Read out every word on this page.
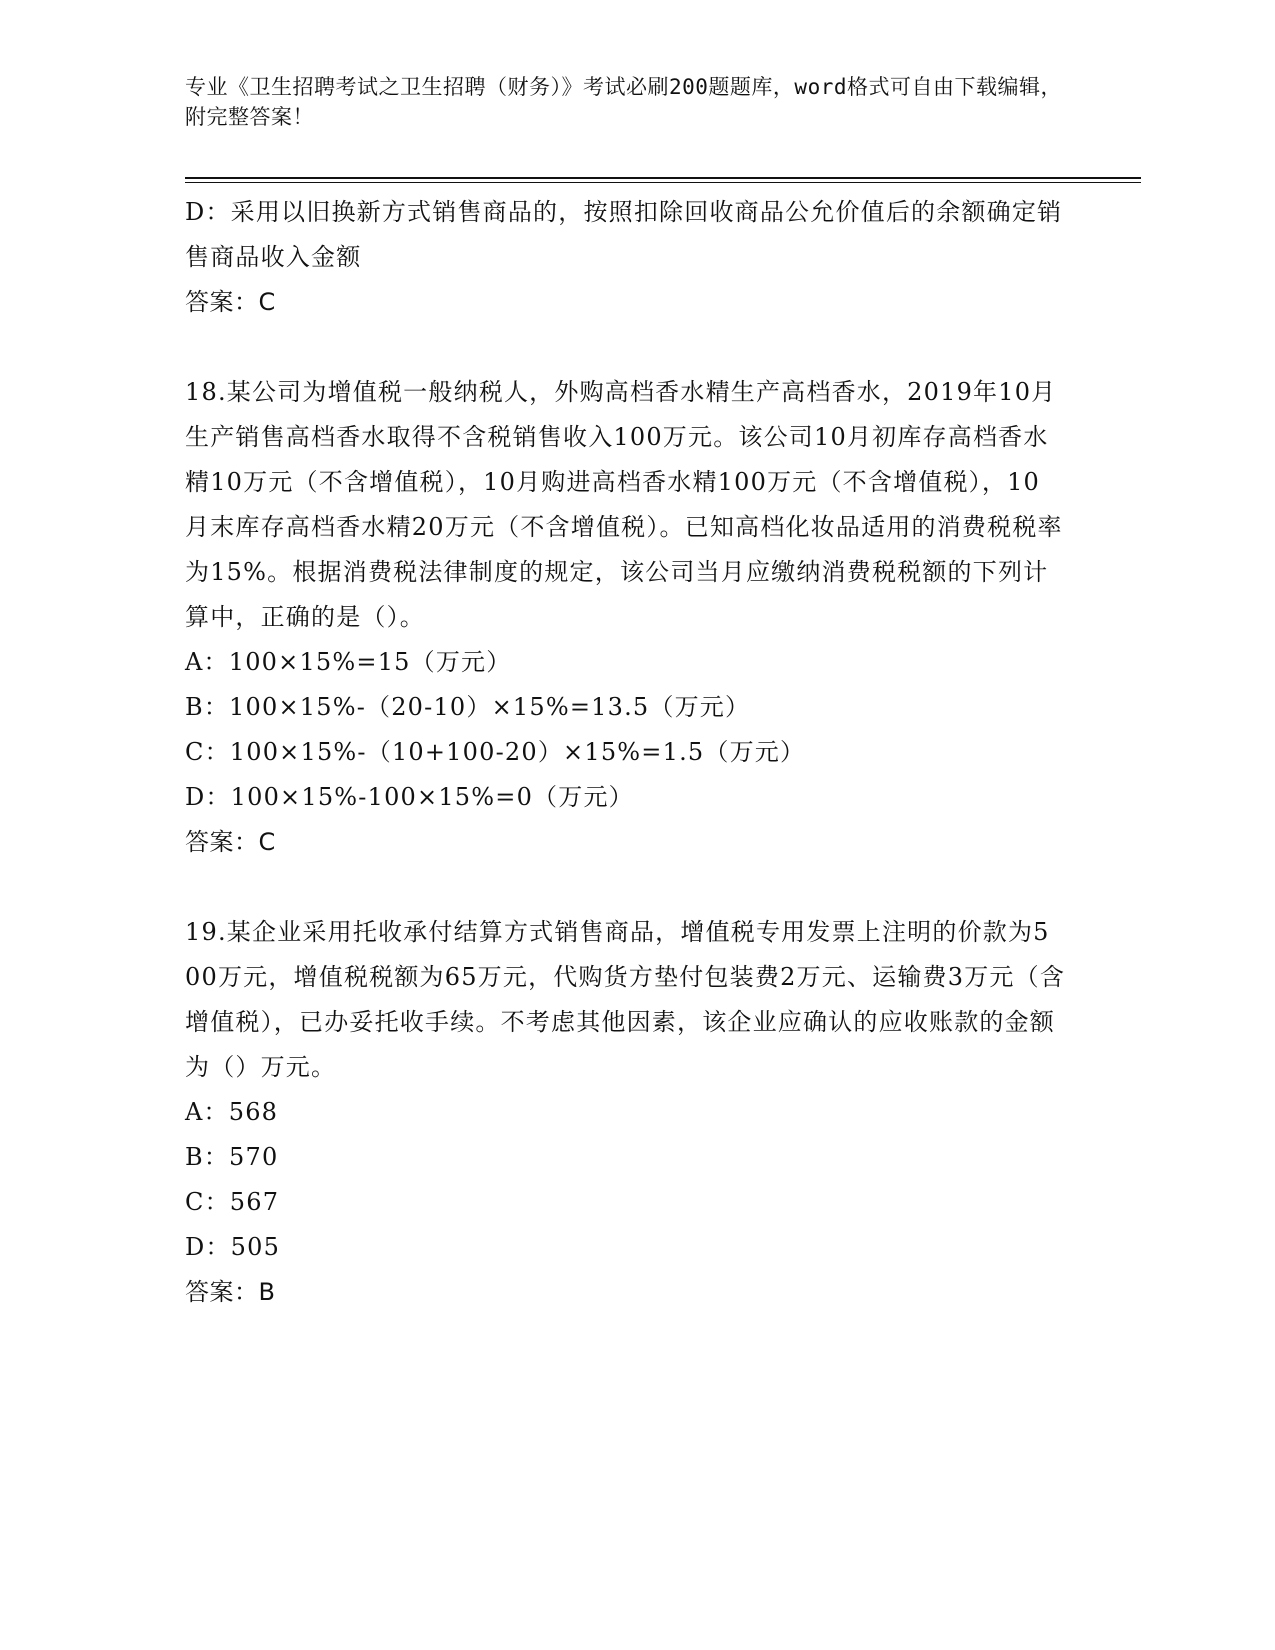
专业《卫生招聘考试之卫生招聘（财务）》考试必刷200题题库，word格式可自由下载编辑，附完整答案！

D：采用以旧换新方式销售商品的，按照扣除回收商品公允价值后的余额确定销售商品收入金额

答案：C

18.某公司为增值税一般纳税人，外购高档香水精生产高档香水，2019年10月生产销售高档香水取得不含税销售收入100万元。该公司10月初库存高档香水精10万元（不含增值税），10月购进高档香水精100万元（不含增值税），10月末库存高档香水精20万元（不含增值税）。已知高档化妆品适用的消费税税率为15%。根据消费税法律制度的规定，该公司当月应缴纳消费税税额的下列计算中，正确的是（）。

A：100×15%=15（万元）

B：100×15%-（20-10）×15%=13.5（万元）

C：100×15%-（10+100-20）×15%=1.5（万元）

D：100×15%-100×15%=0（万元）

答案：C

19.某企业采用托收承付结算方式销售商品，增值税专用发票上注明的价款为500万元，增值税税额为65万元，代购货方垫付包装费2万元、运输费3万元（含增值税），已办妥托收手续。不考虑其他因素，该企业应确认的应收账款的金额为（）万元。

A：568

B：570

C：567

D：505

答案：B
